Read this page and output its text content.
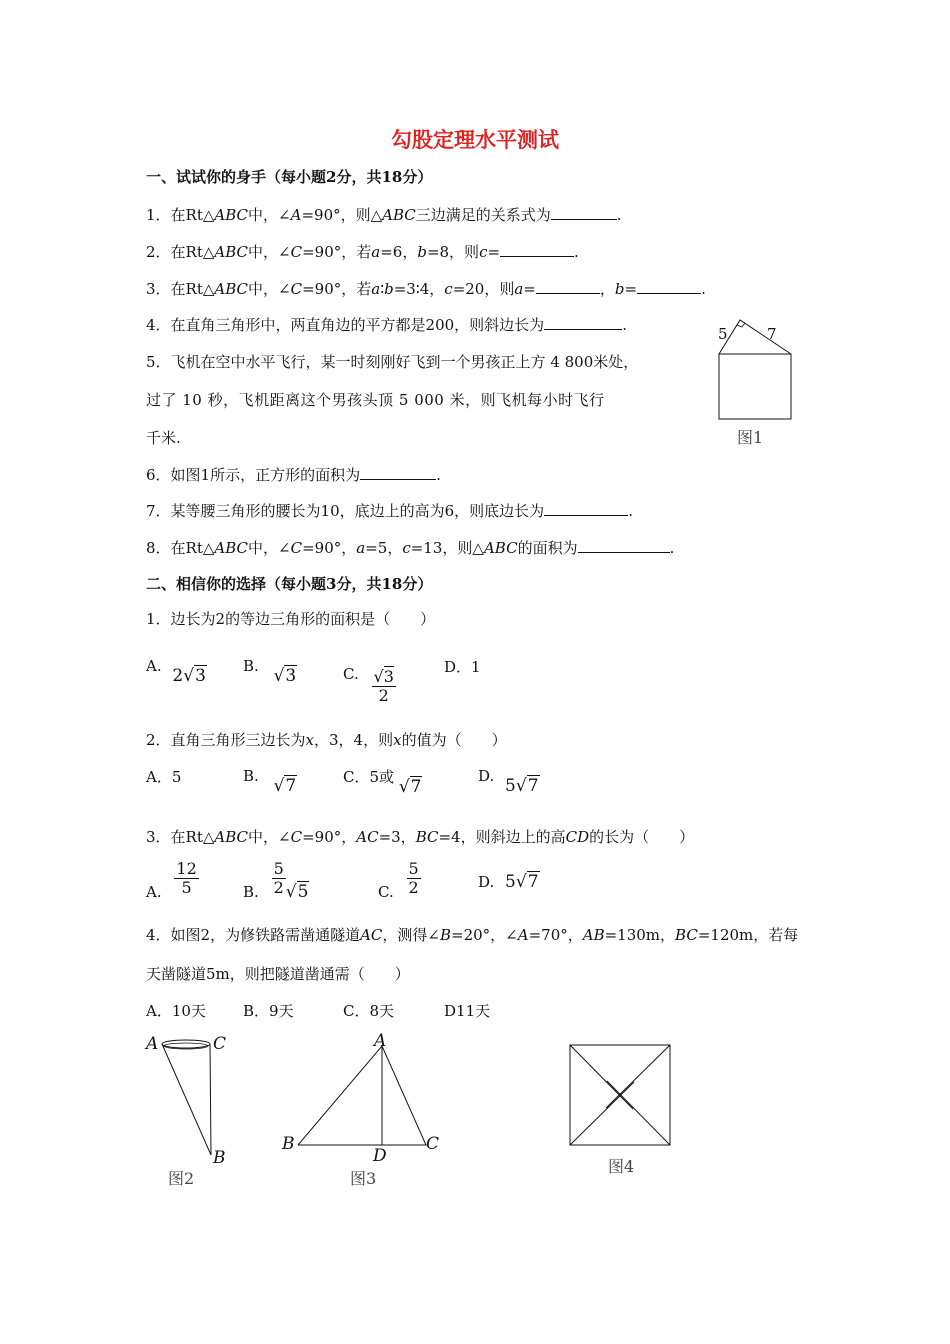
勾股定理水平测试
一、试试你的身手（每小题2分，共18分）
1．在Rt△ABC中，∠A=90°，则△ABC三边满足的关系式为	.
2．在Rt△ABC中，∠C=90°，若a=6，b=8，则c=	.
3．在Rt△ABC中，∠C=90°，若a∶b=3∶4，c=20，则a=	，b=	.
4．在直角三角形中，两直角边的平方都是200，则斜边长为	.
5．飞机在空中水平飞行，某一时刻刚好飞到一个男孩正上方 4 800米处，
过了 10 秒，飞机距离这个男孩头顶 5 000 米，则飞机每小时飞行
千米.
5	7
图1
6．如图1所示，正方形的面积为	.
7．某等腰三角形的腰长为10，底边上的高为6，则底边长为	.
8．在Rt△ABC中，∠C=90°，a=5，c=13，则△ABC的面积为	.
二、相信你的选择（每小题3分，共18分）
1．边长为2的等边三角形的面积是（　　）
A. 2√3 B. √3	C. $\frac{√3}{2}$
D．1
2．直角三角形三边长为x，3，4，则x的值为（　　）
A．5	B. √7	C．5或 √7
D. 5√7
3．在Rt△ABC中，∠C=90°，AC=3，BC=4，则斜边上的高CD的长为（　　）
A. $\frac{12}{5}$	B. $\frac{5}{2} √5$	C. $\frac{5}{2}$	D. 5√7
4．如图2，为修铁路需凿通隧道AC，测得∠B=20°，∠A=70°，AB=130m，BC=120m，若每
天凿隧道5m，则把隧道凿通需（　　）
A．10天 B．9天	C．8天	D11天
A	C
B
图2
A
B	C
D
图3
图4
